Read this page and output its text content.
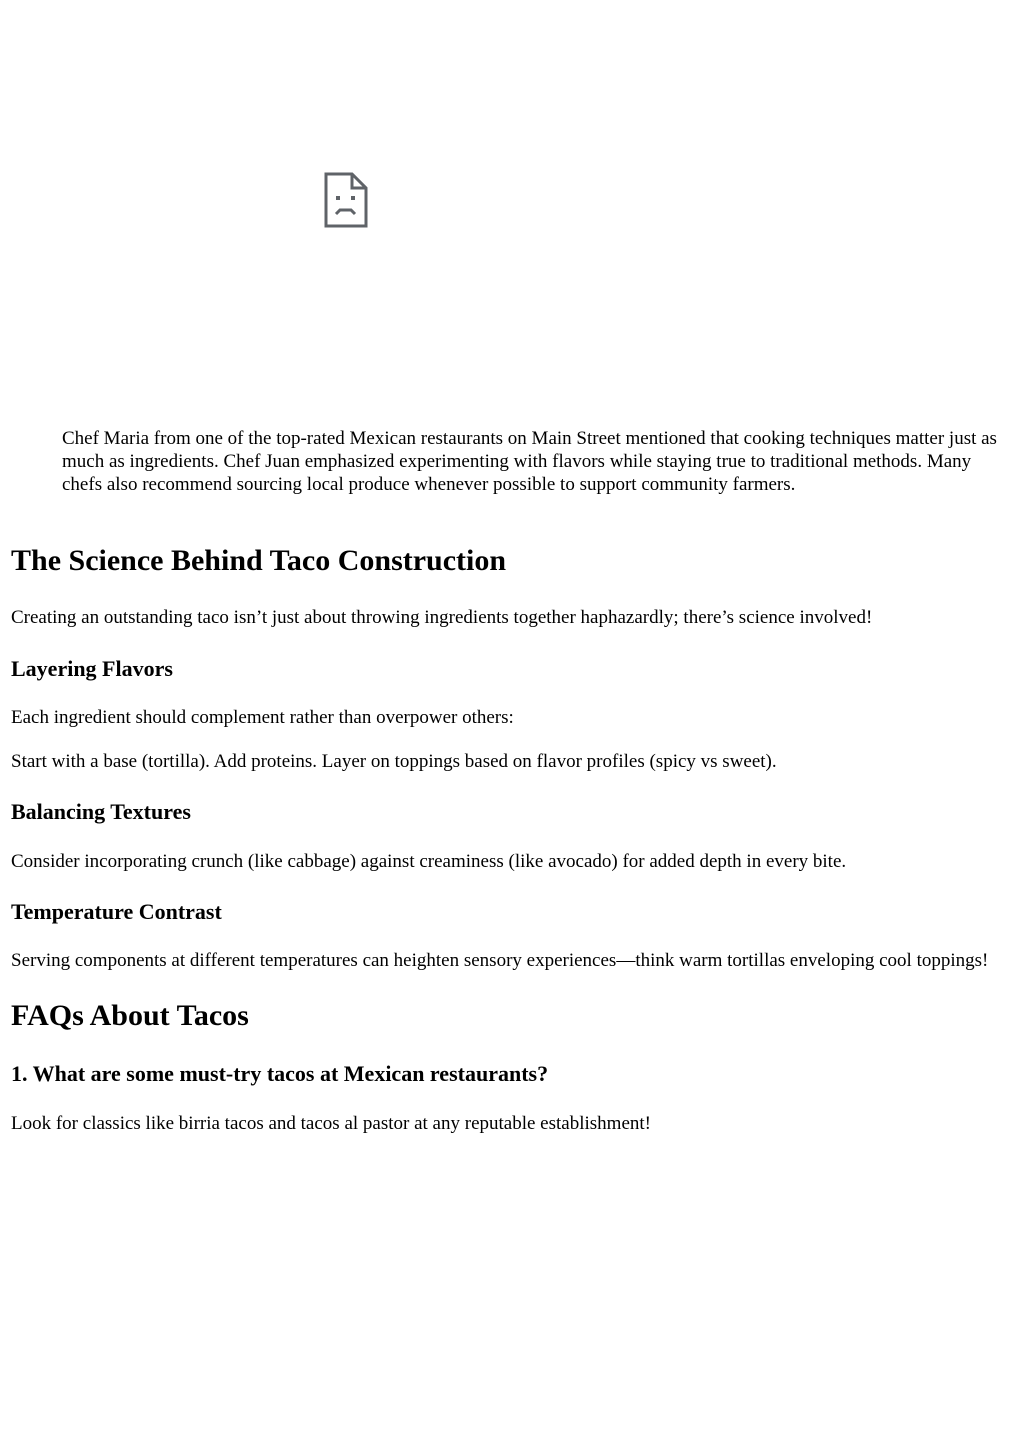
Chef Maria from one of the top-rated Mexican restaurants on Main Street mentioned that cooking techniques matter just as much as ingredients. Chef Juan emphasized experimenting with flavors while staying true to traditional methods. Many chefs also recommend sourcing local produce whenever possible to support community farmers.

The Science Behind Taco Construction

Creating an outstanding taco isn’t just about throwing ingredients together haphazardly; there’s science involved!

Layering Flavors

Each ingredient should complement rather than overpower others:

Start with a base (tortilla). Add proteins. Layer on toppings based on flavor profiles (spicy vs sweet).

Balancing Textures

Consider incorporating crunch (like cabbage) against creaminess (like avocado) for added depth in every bite.

Temperature Contrast

Serving components at different temperatures can heighten sensory experiences—think warm tortillas enveloping cool toppings!

FAQs About Tacos
1. What are some must-try tacos at Mexican restaurants?

Look for classics like birria tacos and tacos al pastor at any reputable establishment!
